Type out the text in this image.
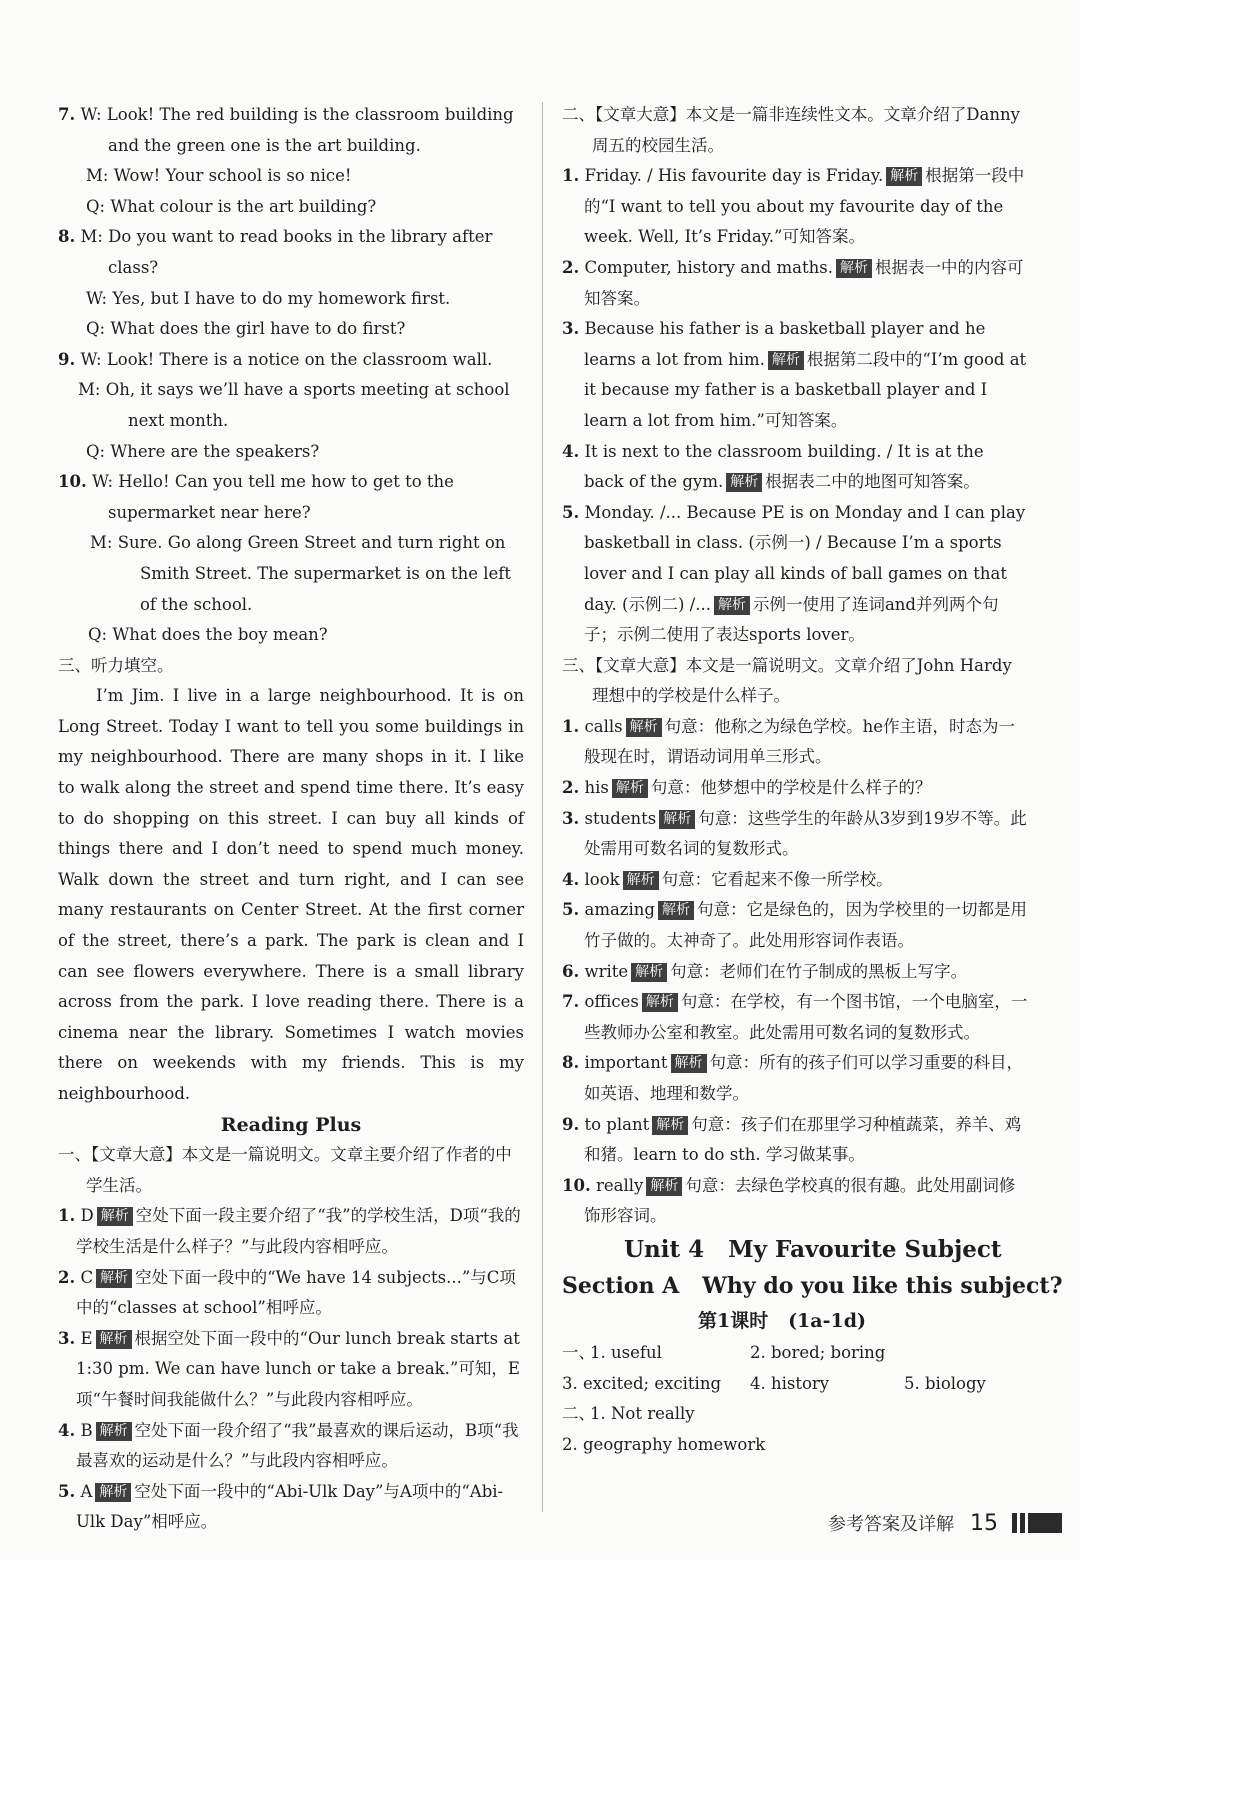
7. W: Look! The red building is the classroom building and the green one is the art building.

M: Wow! Your school is so nice!

Q: What colour is the art building?

8. M: Do you want to read books in the library after class?

W: Yes, but I have to do my homework first.

Q: What does the girl have to do first?

9. W: Look! There is a notice on the classroom wall.

M: Oh, it says we’ll have a sports meeting at school next month.

Q: Where are the speakers?

10. W: Hello! Can you tell me how to get to the supermarket near here?

M: Sure. Go along Green Street and turn right on Smith Street. The supermarket is on the left of the school.

Q: What does the boy mean?

三、听力填空。

I’m Jim. I live in a large neighbourhood. It is on Long Street. Today I want to tell you some buildings in my neighbourhood. There are many shops in it. I like to walk along the street and spend time there. It’s easy to do shopping on this street. I can buy all kinds of things there and I don’t need to spend much money. Walk down the street and turn right, and I can see many restaurants on Center Street. At the first corner of the street, there’s a park. The park is clean and I can see flowers everywhere. There is a small library across from the park. I love reading there. There is a cinema near the library. Sometimes I watch movies there on weekends with my friends. This is my neighbourhood.

Reading Plus

一、【文章大意】本文是一篇说明文。文章主要介绍了作者的中学生活。

1. D 解析 空处下面一段主要介绍了“我”的学校生活，D项“我的学校生活是什么样子？”与此段内容相呼应。

2. C 解析 空处下面一段中的“We have 14 subjects...”与C项中的“classes at school”相呼应。

3. E 解析 根据空处下面一段中的“Our lunch break starts at 1:30 pm. We can have lunch or take a break.”可知，E项“午餐时间我能做什么？”与此段内容相呼应。

4. B 解析 空处下面一段介绍了“我”最喜欢的课后运动，B项“我最喜欢的运动是什么？”与此段内容相呼应。

5. A 解析 空处下面一段中的“Abi-Ulk Day”与A项中的“Abi-Ulk Day”相呼应。

二、【文章大意】本文是一篇非连续性文本。文章介绍了Danny周五的校园生活。

1. Friday. / His favourite day is Friday. 解析 根据第一段中的“I want to tell you about my favourite day of the week. Well, It’s Friday.”可知答案。

2. Computer, history and maths. 解析 根据表一中的内容可知答案。

3. Because his father is a basketball player and he learns a lot from him. 解析 根据第二段中的“I’m good at it because my father is a basketball player and I learn a lot from him.”可知答案。

4. It is next to the classroom building. / It is at the back of the gym. 解析 根据表二中的地图可知答案。

5. Monday. /... Because PE is on Monday and I can play basketball in class. (示例一) / Because I’m a sports lover and I can play all kinds of ball games on that day. (示例二) /... 解析 示例一使用了连词and并列两个句子；示例二使用了表达sports lover。

三、【文章大意】本文是一篇说明文。文章介绍了John Hardy理想中的学校是什么样子。

1. calls 解析 句意：他称之为绿色学校。he作主语，时态为一般现在时，谓语动词用单三形式。

2. his 解析 句意：他梦想中的学校是什么样子的？

3. students 解析 句意：这些学生的年龄从3岁到19岁不等。此处需用可数名词的复数形式。

4. look 解析 句意：它看起来不像一所学校。

5. amazing 解析 句意：它是绿色的，因为学校里的一切都是用竹子做的。太神奇了。此处用形容词作表语。

6. write 解析 句意：老师们在竹子制成的黑板上写字。

7. offices 解析 句意：在学校，有一个图书馆，一个电脑室，一些教师办公室和教室。此处需用可数名词的复数形式。

8. important 解析 句意：所有的孩子们可以学习重要的科目，如英语、地理和数学。

9. to plant 解析 句意：孩子们在那里学习种植蔬菜，养羊、鸡和猪。learn to do sth. 学习做某事。

10. really 解析 句意：去绿色学校真的很有趣。此处用副词修饰形容词。

Unit 4   My Favourite Subject

Section A   Why do you like this subject?

第1课时   (1a-1d)

一、
1. useful	2. bored; boring
3. excited; exciting	4. history	5. biology
二、
1. Not really
2. geography homework
参考答案及详解 15
